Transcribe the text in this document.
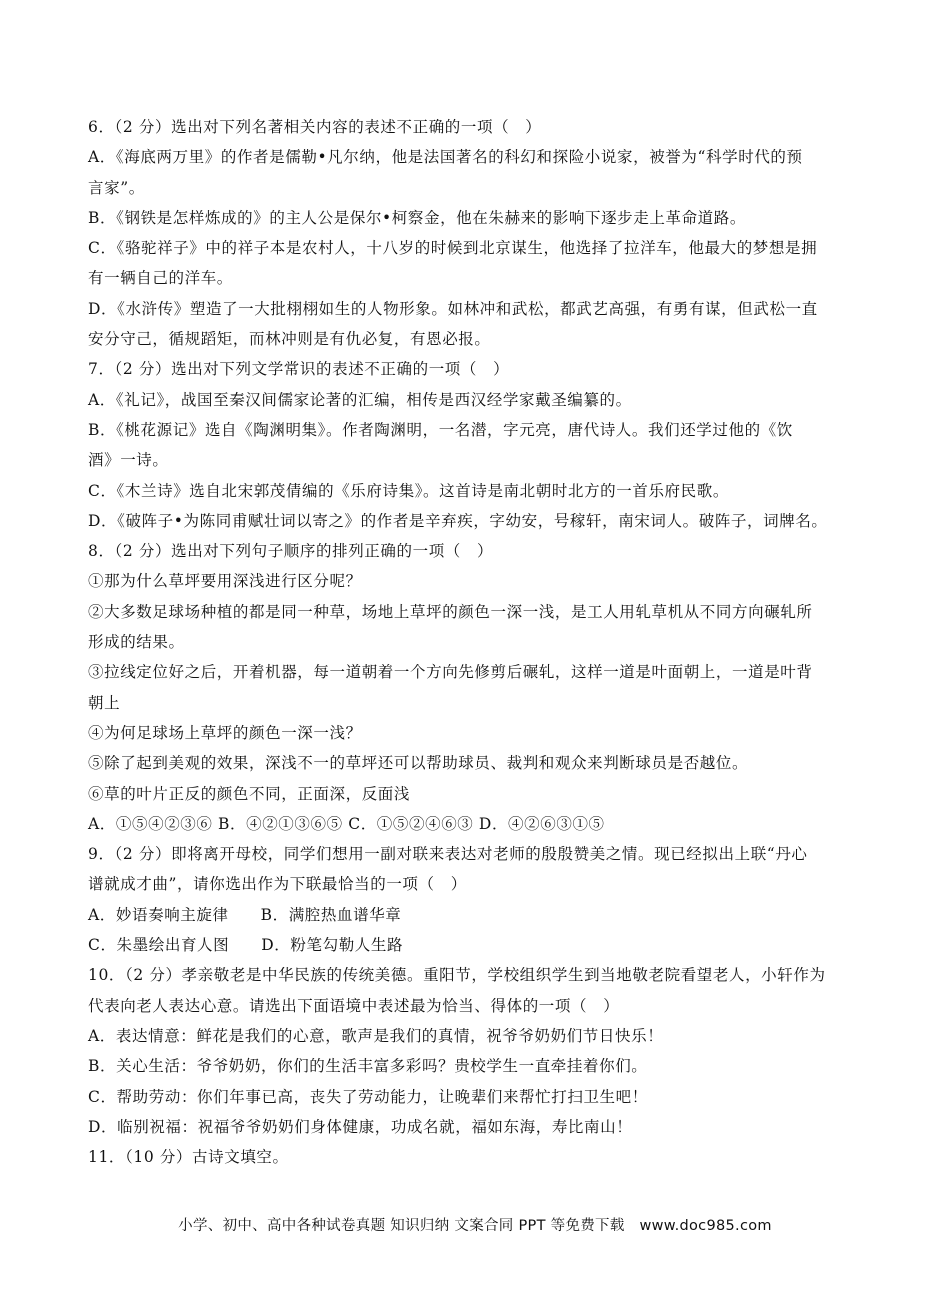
6．（2 分）选出对下列名著相关内容的表述不正确的一项（　）
A．《海底两万里》的作者是儒勒•凡尔纳，他是法国著名的科幻和探险小说家，被誉为“科学时代的预
言家”。
B．《钢铁是怎样炼成的》的主人公是保尔•柯察金，他在朱赫来的影响下逐步走上革命道路。
C．《骆驼祥子》中的祥子本是农村人，十八岁的时候到北京谋生，他选择了拉洋车，他最大的梦想是拥
有一辆自己的洋车。
D．《水浒传》塑造了一大批栩栩如生的人物形象。如林冲和武松，都武艺高强，有勇有谋，但武松一直
安分守己，循规蹈矩，而林冲则是有仇必复，有恩必报。
7．（2 分）选出对下列文学常识的表述不正确的一项（　）
A．《礼记》，战国至秦汉间儒家论著的汇编，相传是西汉经学家戴圣编纂的。
B．《桃花源记》选自《陶渊明集》。作者陶渊明，一名潜，字元亮，唐代诗人。我们还学过他的《饮
酒》一诗。
C．《木兰诗》选自北宋郭茂倩编的《乐府诗集》。这首诗是南北朝时北方的一首乐府民歌。
D．《破阵子•为陈同甫赋壮词以寄之》的作者是辛弃疾，字幼安，号稼轩，南宋词人。破阵子，词牌名。
8．（2 分）选出对下列句子顺序的排列正确的一项（　）
①那为什么草坪要用深浅进行区分呢？
②大多数足球场种植的都是同一种草，场地上草坪的颜色一深一浅，是工人用轧草机从不同方向碾轧所
形成的结果。
③拉线定位好之后，开着机器，每一道朝着一个方向先修剪后碾轧，这样一道是叶面朝上，一道是叶背
朝上
④为何足球场上草坪的颜色一深一浅？
⑤除了起到美观的效果，深浅不一的草坪还可以帮助球员、裁判和观众来判断球员是否越位。
⑥草的叶片正反的颜色不同，正面深，反面浅
A．①⑤④②③⑥ B．④②①③⑥⑤ C．①⑤②④⑥③ D．④②⑥③①⑤
9．（2 分）即将离开母校，同学们想用一副对联来表达对老师的殷殷赞美之情。现已经拟出上联“丹心
谱就成才曲”，请你选出作为下联最恰当的一项（　）
A．妙语奏响主旋律 B．满腔热血谱华章
C．朱墨绘出育人图 D．粉笔勾勒人生路
10．（2 分）孝亲敬老是中华民族的传统美德。重阳节，学校组织学生到当地敬老院看望老人，小轩作为
代表向老人表达心意。请选出下面语境中表述最为恰当、得体的一项（　）
A．表达情意：鲜花是我们的心意，歌声是我们的真情，祝爷爷奶奶们节日快乐！
B．关心生活：爷爷奶奶，你们的生活丰富多彩吗？贵校学生一直牵挂着你们。
C．帮助劳动：你们年事已高，丧失了劳动能力，让晚辈们来帮忙打扫卫生吧！
D．临别祝福：祝福爷爷奶奶们身体健康，功成名就，福如东海，寿比南山！
11．（10 分）古诗文填空。
小学、初中、高中各种试卷真题 知识归纳 文案合同 PPT 等免费下载　www.doc985.com
